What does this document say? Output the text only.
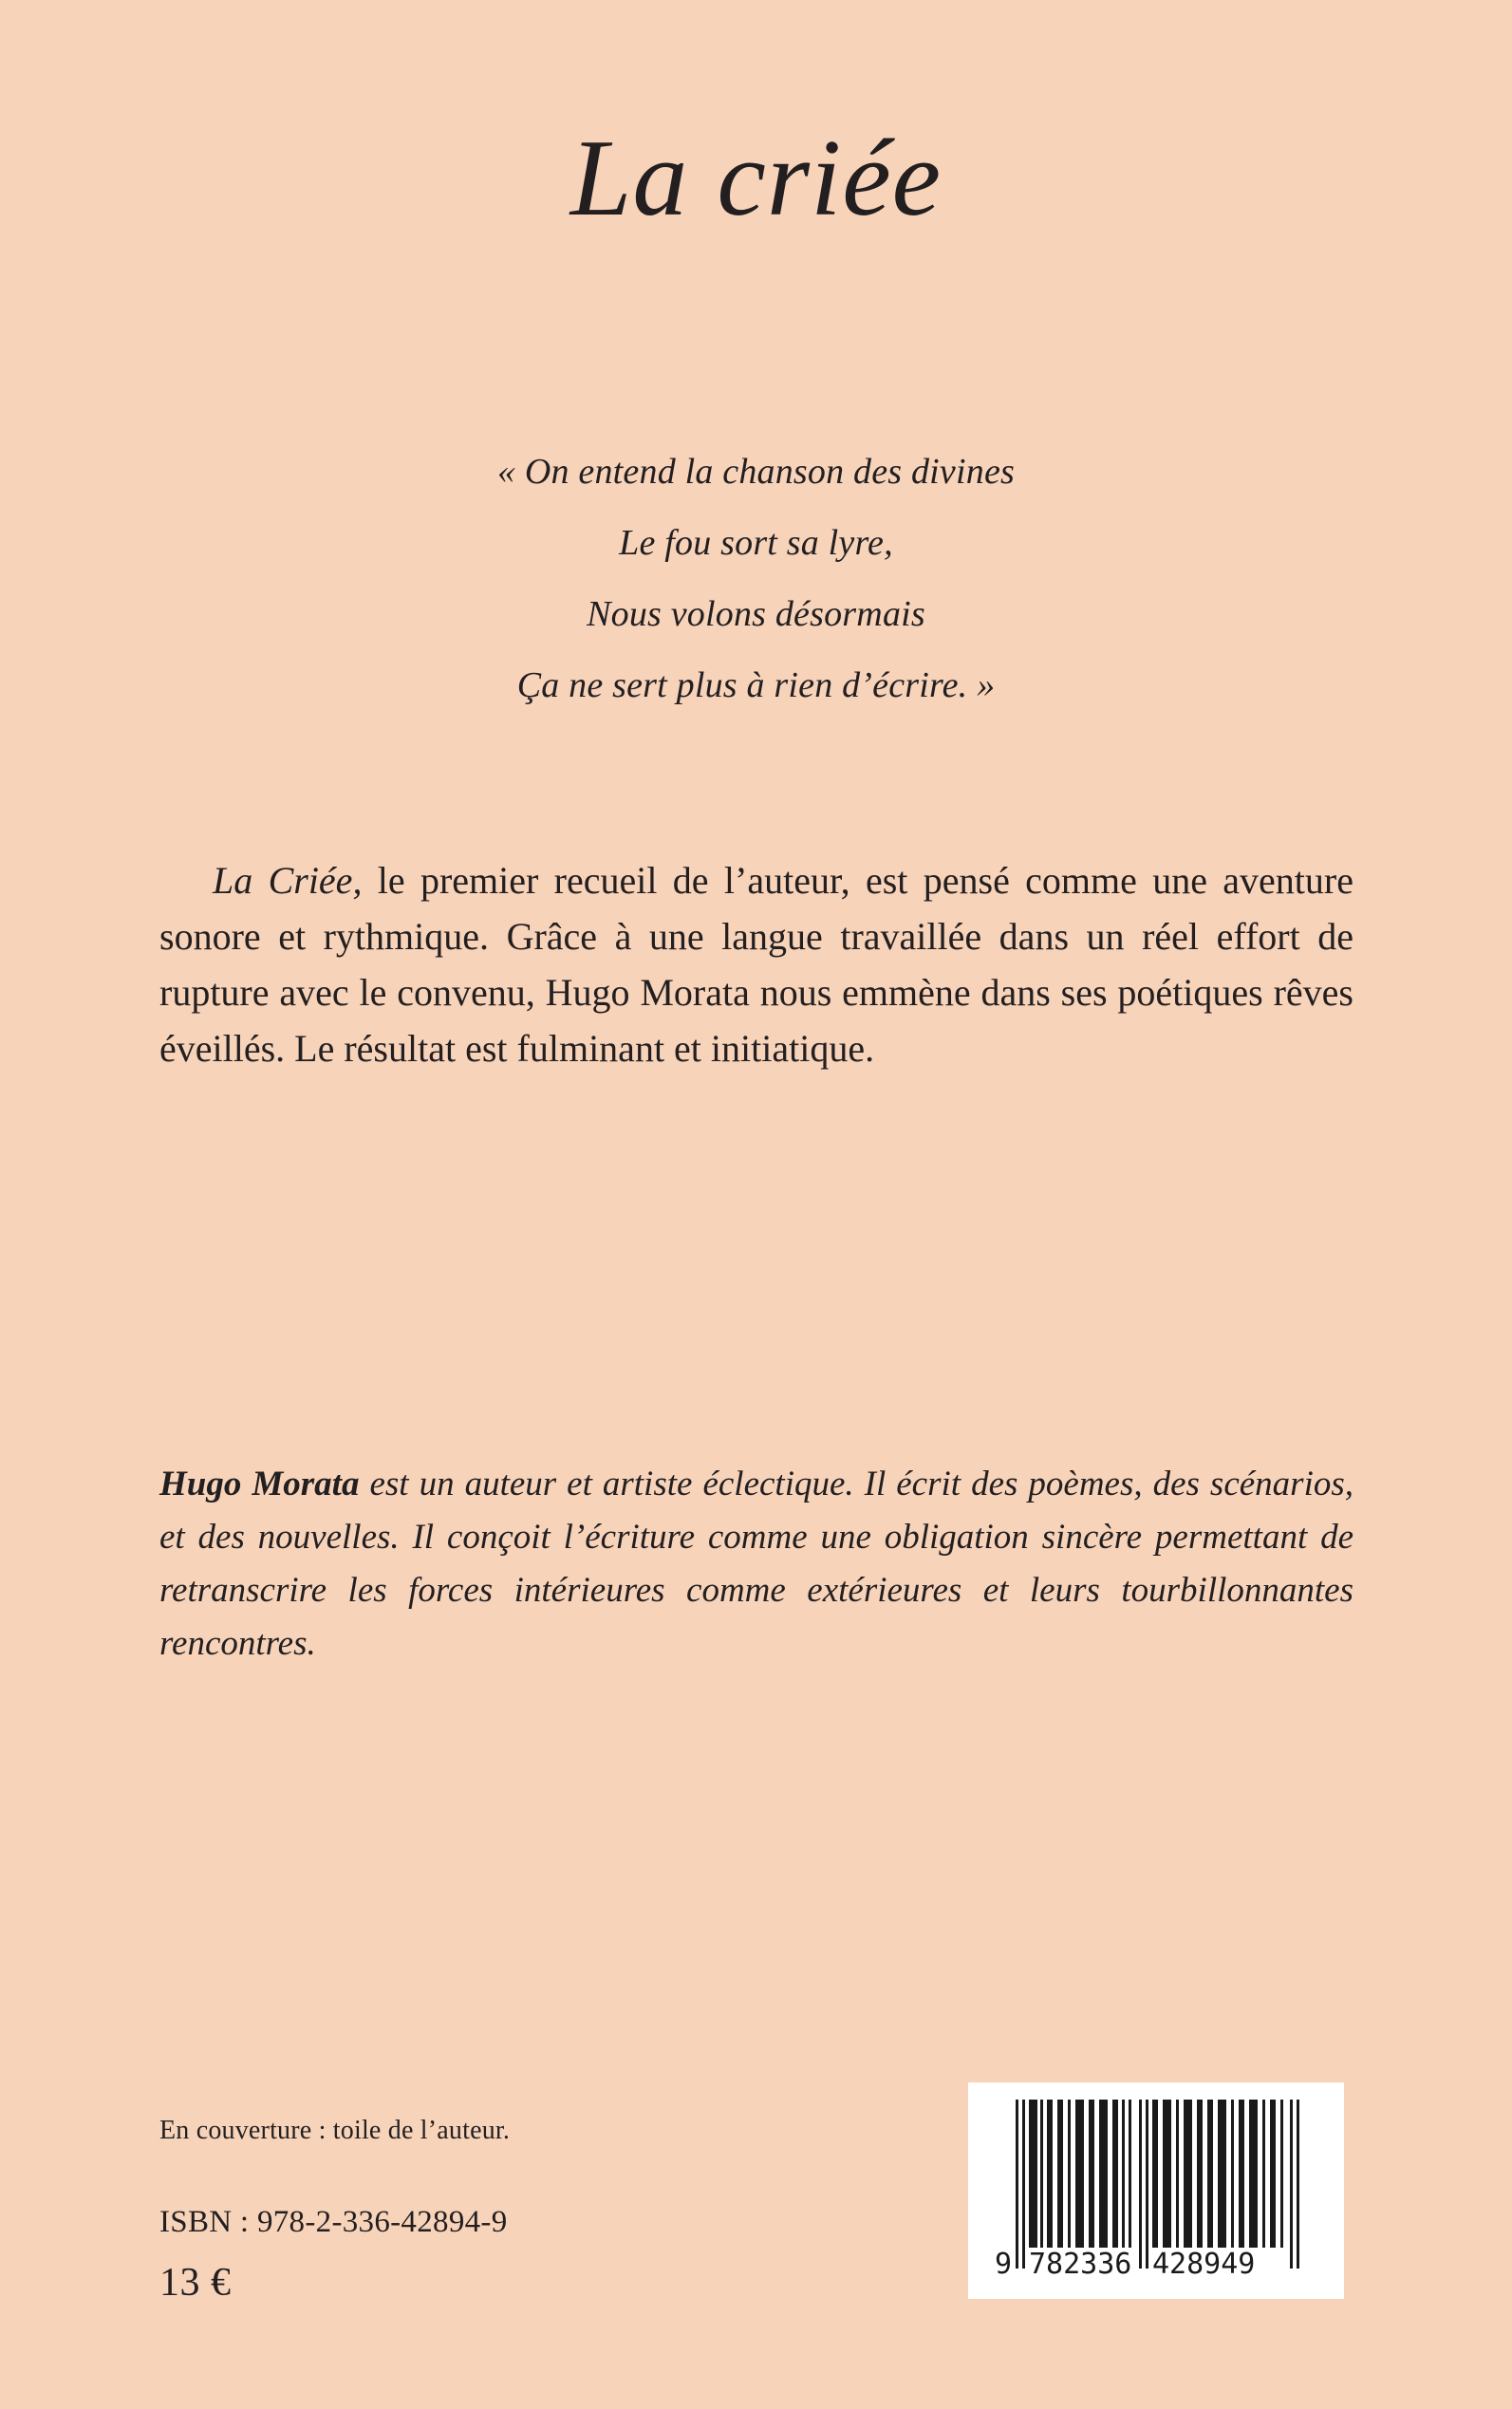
La criée
« On entend la chanson des divines
Le fou sort sa lyre,
Nous volons désormais
Ça ne sert plus à rien d’écrire. »

La Criée, le premier recueil de l’auteur, est pensé comme une aventure sonore et rythmique. Grâce à une langue travaillée dans un réel effort de rupture avec le convenu, Hugo Morata nous emmène dans ses poétiques rêves éveillés. Le résultat est fulminant et initiatique.

Hugo Morata est un auteur et artiste éclectique. Il écrit des poèmes, des scénarios, et des nouvelles. Il conçoit l’écriture comme une obligation sincère permettant de retranscrire les forces intérieures comme extérieures et leurs tourbillonnantes rencontres.

En couverture : toile de l’auteur.
ISBN : 978-2-336-42894-9
13 €	9 782336 428949
